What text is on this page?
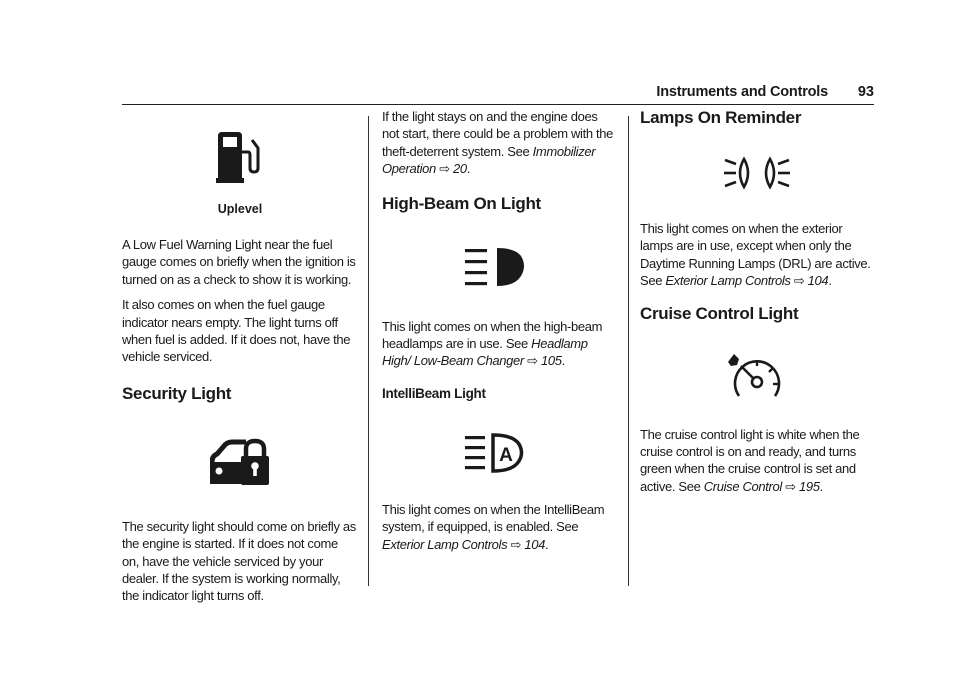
Instruments and Controls 93
Uplevel

A Low Fuel Warning Light near the fuel gauge comes on briefly when the ignition is turned on as a check to show it is working.

It also comes on when the fuel gauge indicator nears empty. The light turns off when fuel is added. If it does not, have the vehicle serviced.

Security Light

The security light should come on briefly as the engine is started. If it does not come on, have the vehicle serviced by your dealer. If the system is working normally, the indicator light turns off.

If the light stays on and the engine does not start, there could be a problem with the theft-deterrent system. See Immobilizer Operation ⇨ 20.

High-Beam On Light

This light comes on when the high-beam headlamps are in use. See Headlamp High/ Low-Beam Changer ⇨ 105.

IntelliBeam Light
A

This light comes on when the IntelliBeam system, if equipped, is enabled. See Exterior Lamp Controls ⇨ 104.

Lamps On Reminder

This light comes on when the exterior lamps are in use, except when only the Daytime Running Lamps (DRL) are active. See Exterior Lamp Controls ⇨ 104.

Cruise Control Light

The cruise control light is white when the cruise control is on and ready, and turns green when the cruise control is set and active. See Cruise Control ⇨ 195.
